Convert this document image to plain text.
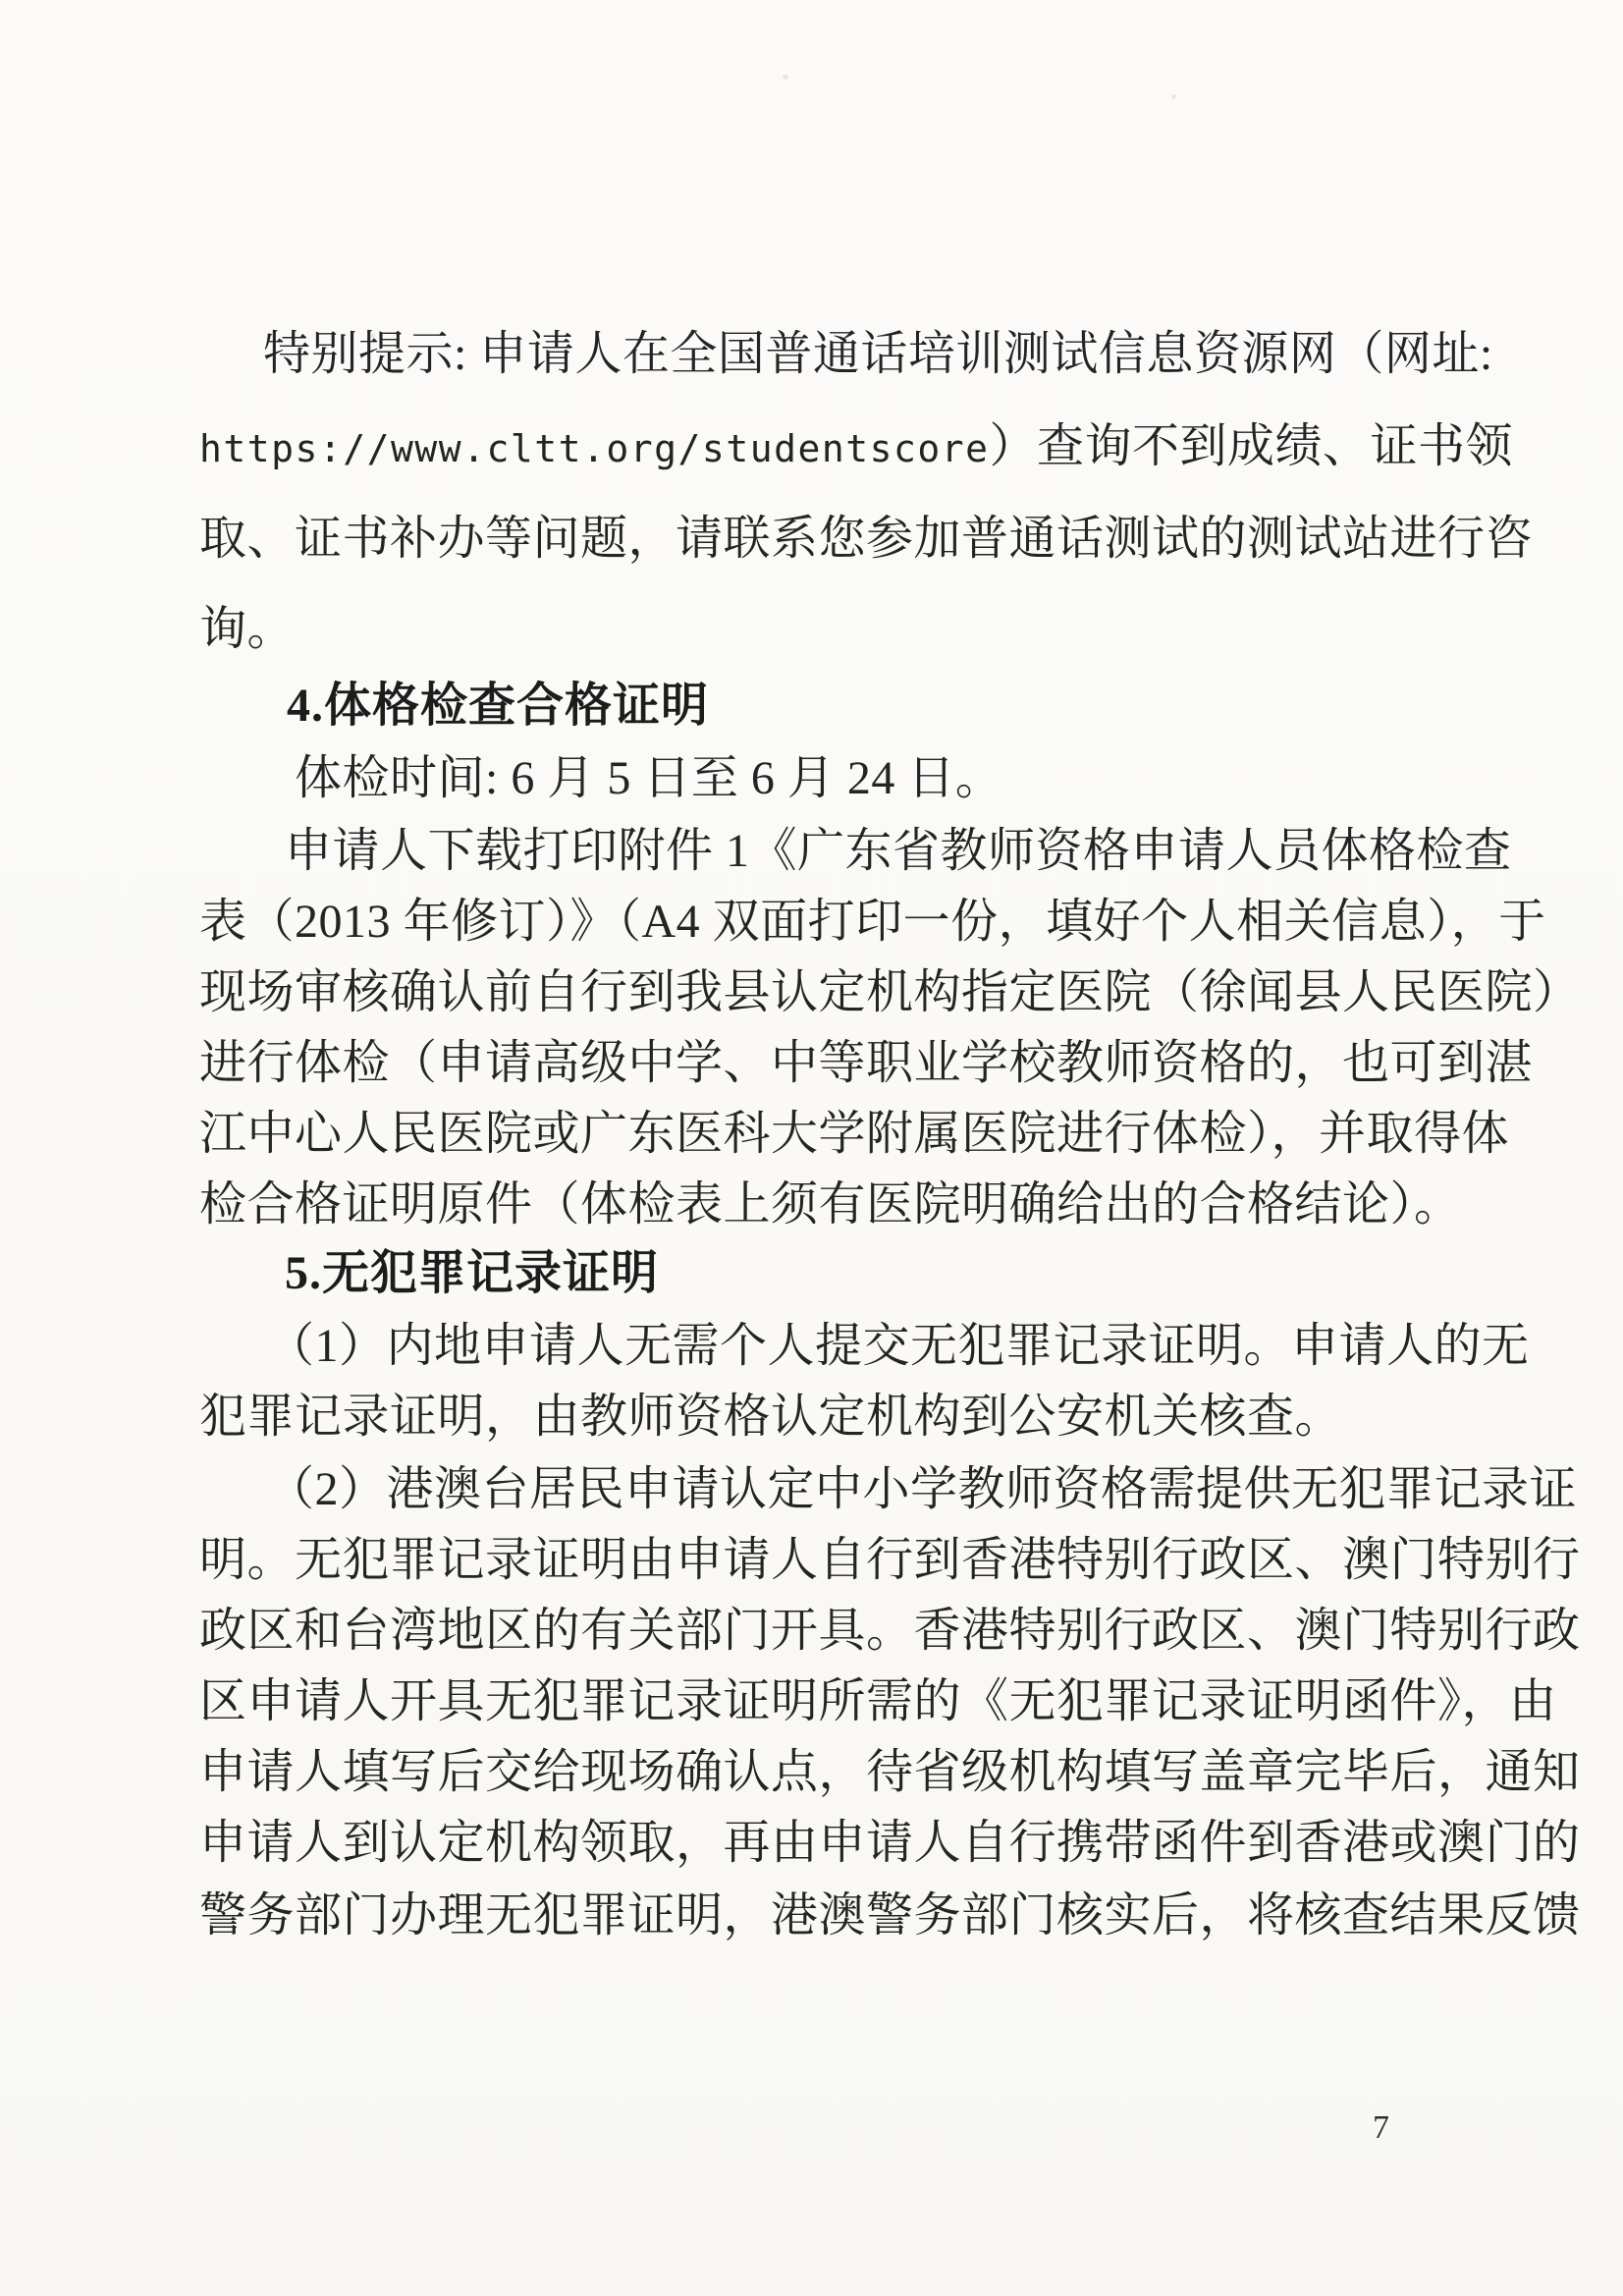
特别提示: 申请人在全国普通话培训测试信息资源网（网址:
https://www.cltt.org/studentscore）查询不到成绩、证书领
取、证书补办等问题，请联系您参加普通话测试的测试站进行咨
询。
4.体格检查合格证明
体检时间: 6 月 5 日至 6 月 24 日。
申请人下载打印附件 1《广东省教师资格申请人员体格检查
表（2013 年修订）》（A4 双面打印一份，填好个人相关信息），于
现场审核确认前自行到我县认定机构指定医院（徐闻县人民医院）
进行体检（申请高级中学、中等职业学校教师资格的，也可到湛
江中心人民医院或广东医科大学附属医院进行体检），并取得体
检合格证明原件（体检表上须有医院明确给出的合格结论）。
5.无犯罪记录证明
（1）内地申请人无需个人提交无犯罪记录证明。申请人的无
犯罪记录证明，由教师资格认定机构到公安机关核查。
（2）港澳台居民申请认定中小学教师资格需提供无犯罪记录证
明。无犯罪记录证明由申请人自行到香港特别行政区、澳门特别行
政区和台湾地区的有关部门开具。香港特别行政区、澳门特别行政
区申请人开具无犯罪记录证明所需的《无犯罪记录证明函件》，由
申请人填写后交给现场确认点，待省级机构填写盖章完毕后，通知
申请人到认定机构领取，再由申请人自行携带函件到香港或澳门的
警务部门办理无犯罪证明，港澳警务部门核实后，将核查结果反馈
7
